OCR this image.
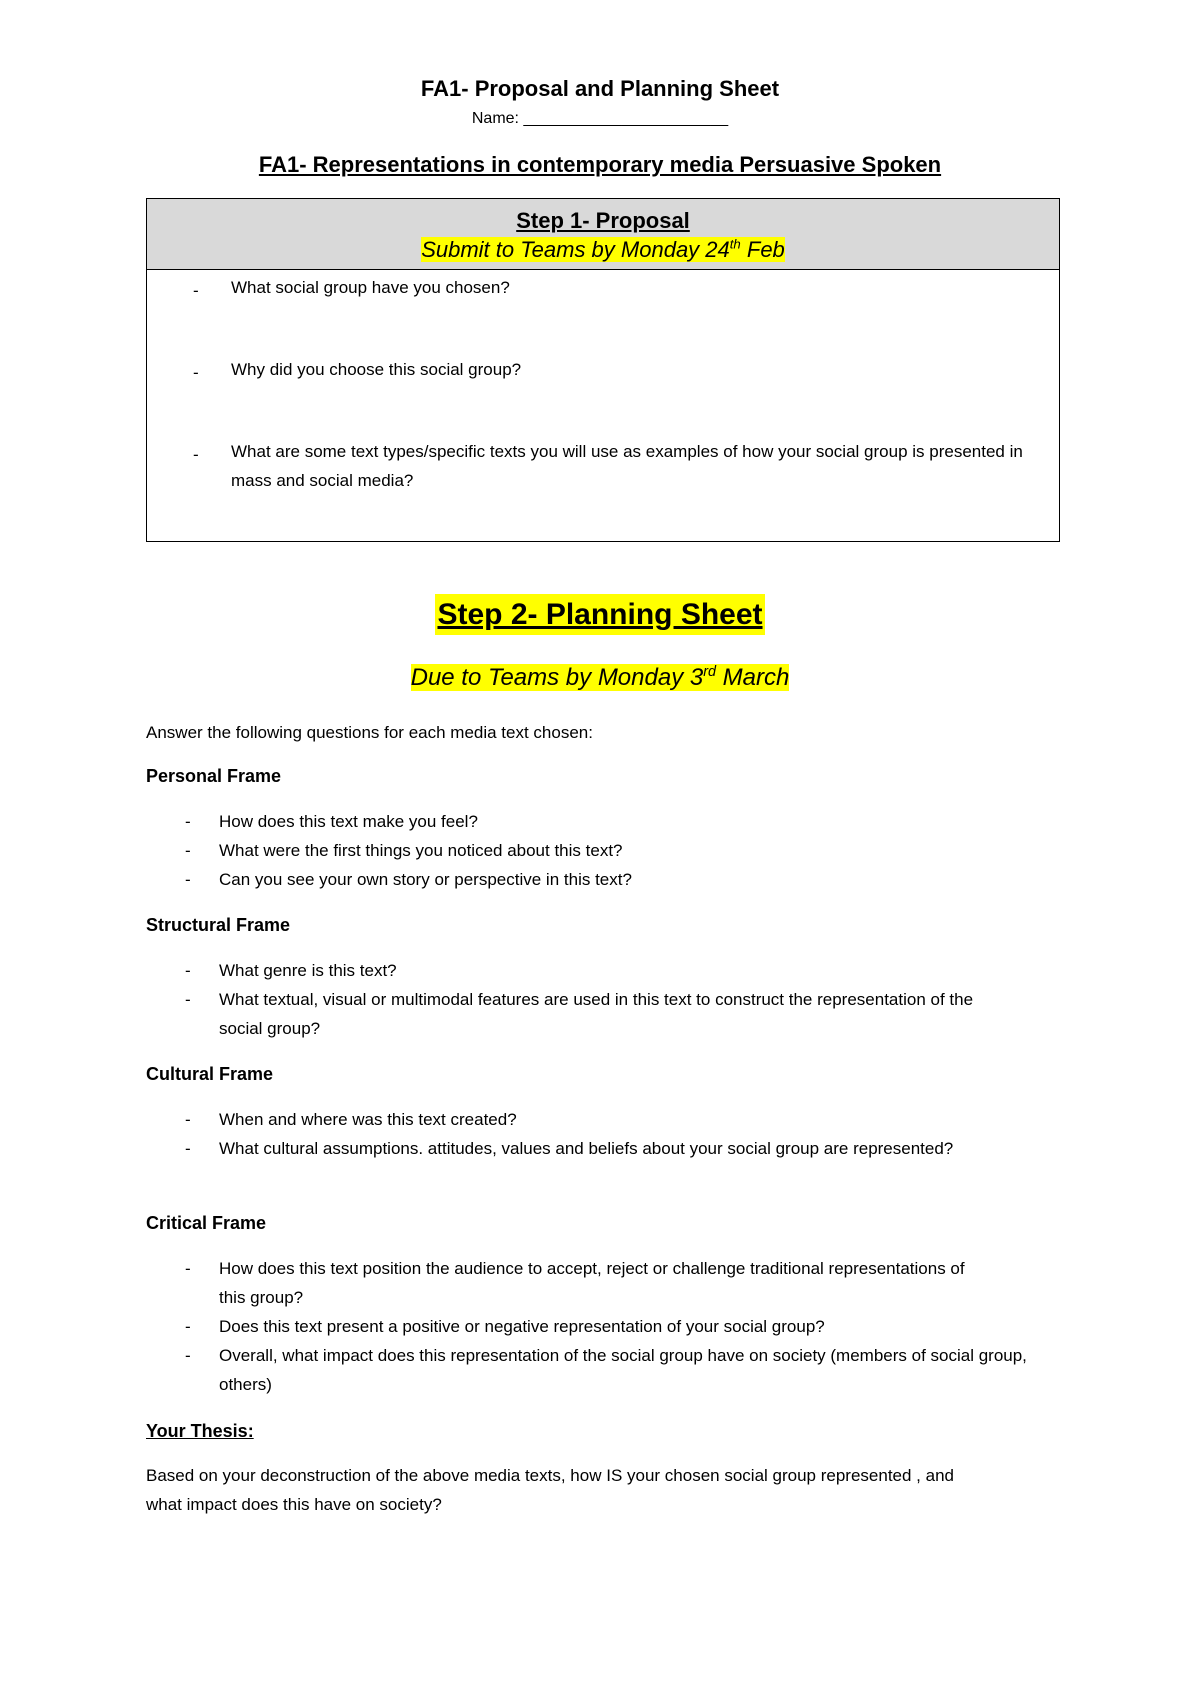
FA1- Proposal and Planning Sheet
Name: _______________________
FA1- Representations in contemporary media Persuasive Spoken
Step 1- Proposal
Submit to Teams by Monday 24th Feb
- What social group have you chosen?
- Why did you choose this social group?
- What are some text types/specific texts you will use as examples of how your social group is presented in mass and social media?
Step 2- Planning Sheet
Due to Teams by Monday 3rd March
Answer the following questions for each media text chosen:
Personal Frame
- How does this text make you feel?
- What were the first things you noticed about this text?
- Can you see your own story or perspective in this text?
Structural Frame
- What genre is this text?
- What textual, visual or multimodal features are used in this text to construct the representation of the social group?
Cultural Frame
- When and where was this text created?
- What cultural assumptions. attitudes, values and beliefs about your social group are represented?
Critical Frame
- How does this text position the audience to accept, reject or challenge traditional representations of this group?
- Does this text present a positive or negative representation of your social group?
- Overall, what impact does this representation of the social group have on society (members of social group, others)
Your Thesis:
Based on your deconstruction of the above media texts, how IS your chosen social group represented , and what impact does this have on society?
